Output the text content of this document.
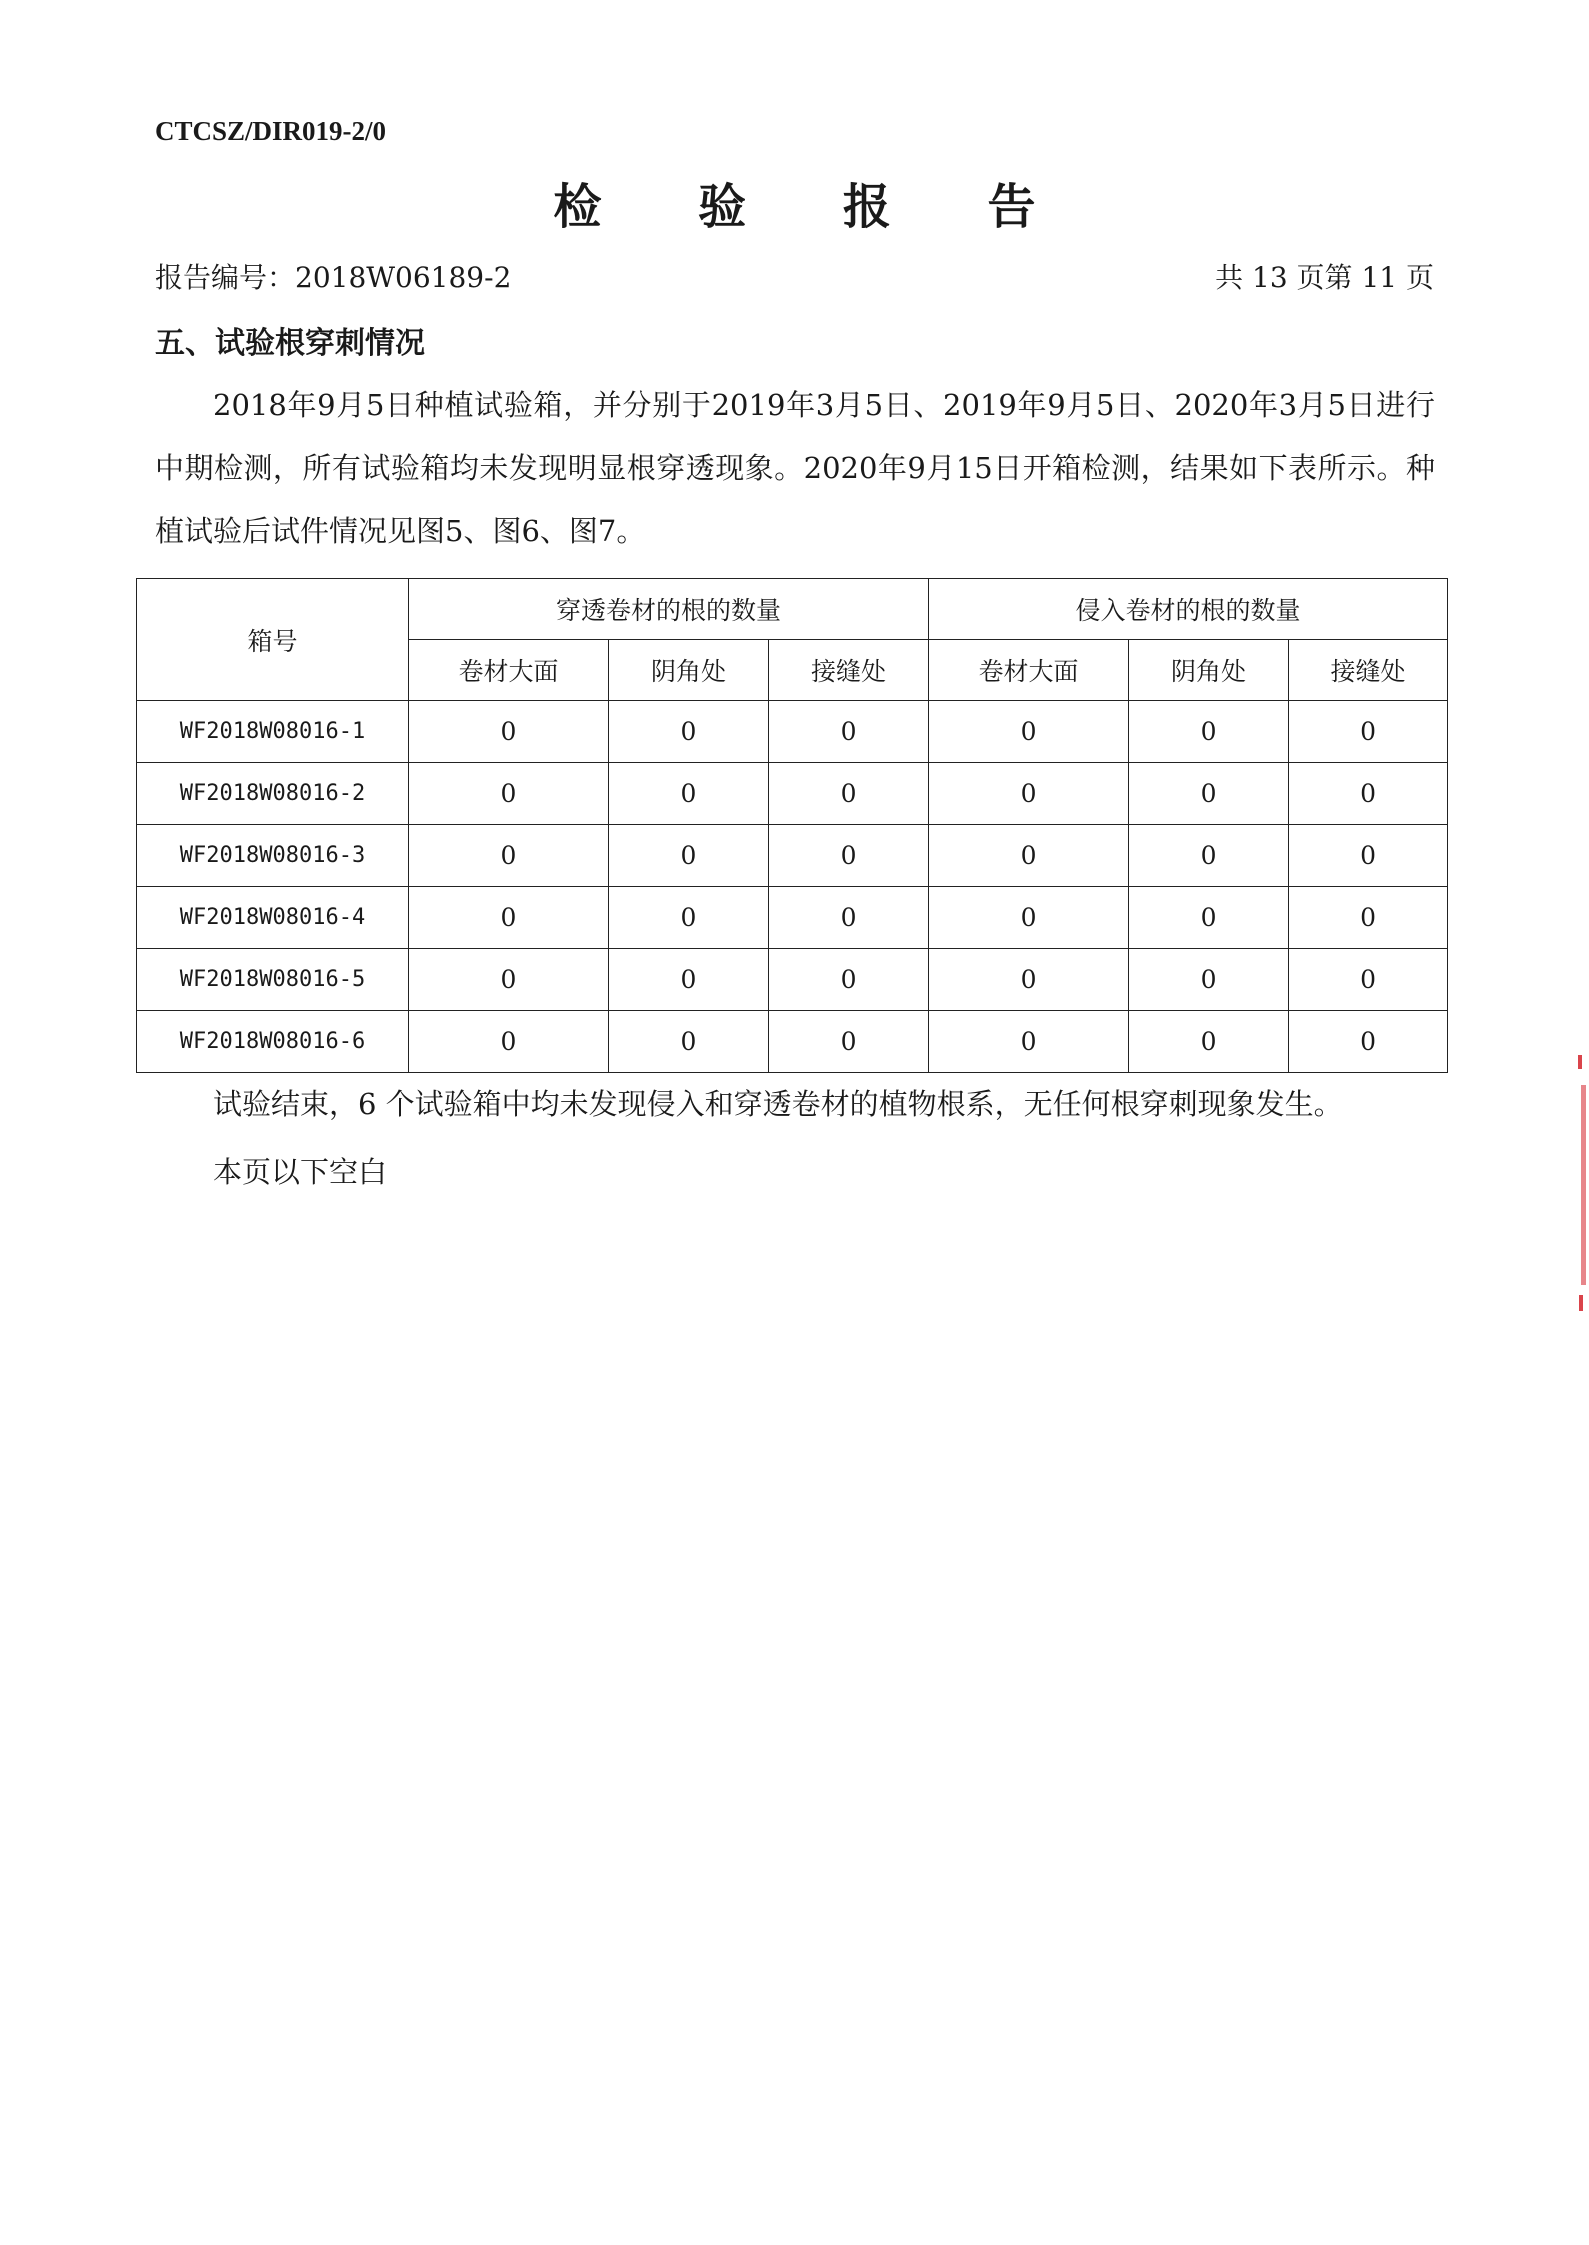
CTCSZ/DIR019-2/0
检 验 报 告
报告编号：2018W06189-2	共 13 页第 11 页
五、试验根穿刺情况

2018年9月5日种植试验箱，并分别于2019年3月5日、2019年9月5日、2020年3月5日进行中期检测，所有试验箱均未发现明显根穿透现象。2020年9月15日开箱检测，结果如下表所示。种植试验后试件情况见图5、图6、图7。

箱号	穿透卷材的根的数量			侵入卷材的根的数量		
	卷材大面	阴角处	接缝处	卷材大面	阴角处	接缝处
WF2018W08016-1	0	0	0	0	0	0
WF2018W08016-2	0	0	0	0	0	0
WF2018W08016-3	0	0	0	0	0	0
WF2018W08016-4	0	0	0	0	0	0
WF2018W08016-5	0	0	0	0	0	0
WF2018W08016-6	0	0	0	0	0	0
试验结束，6 个试验箱中均未发现侵入和穿透卷材的植物根系，无任何根穿刺现象发生。
本页以下空白
